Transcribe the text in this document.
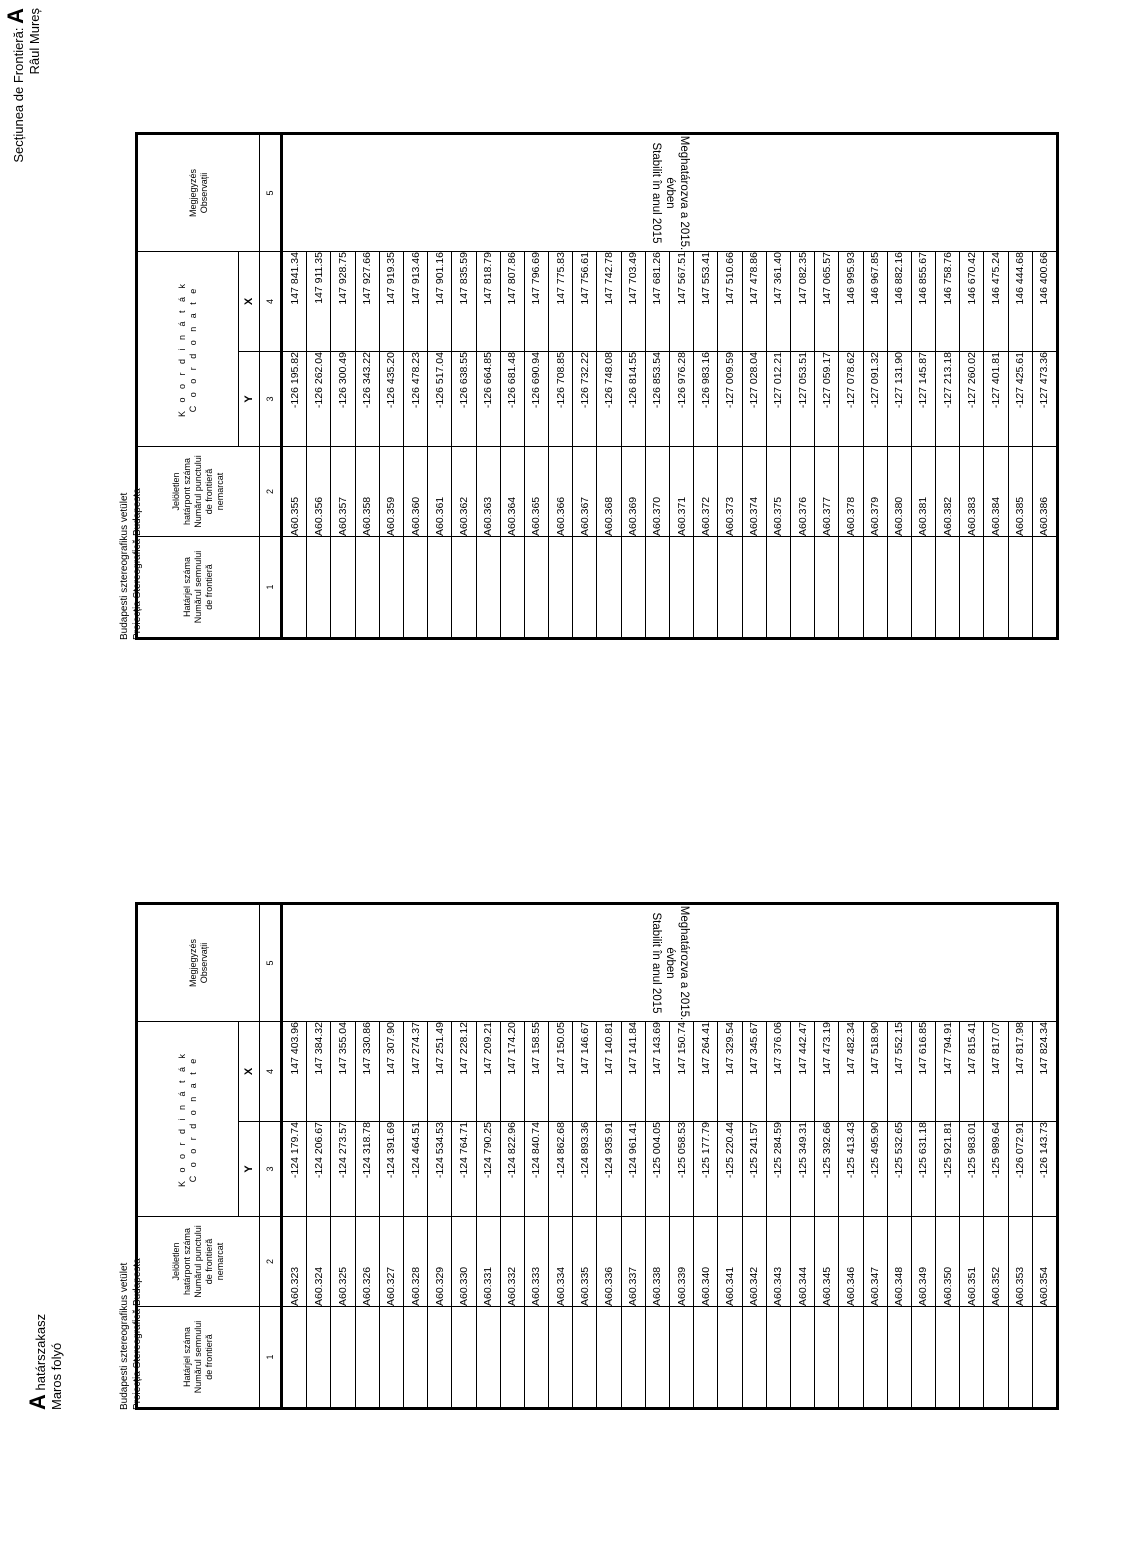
A határszakasz
Maros folyó
Secțiunea de Frontieră: A
Râul Mureș
Budapesti sztereografikus vetület Proiecția Stereografică Budapesta	Határjel száma
Numărul semnului
de frontieră	Jelöletlen
határpont száma
Numărul punctului
de frontieră
nemarcat	K o o r d i n á t á k
C o o r d o n a t e		Megjegyzés
Observații
		Y	X	
1	2	3	4	5
	A60.323	-124 179.74	147 403.96	Meghatározva a 2015. évben
Stabilit în anul 2015
	A60.324	-124 206.67	147 384.32	
	A60.325	-124 273.57	147 355.04	
	A60.326	-124 318.78	147 330.86	
	A60.327	-124 391.69	147 307.90	
	A60.328	-124 464.51	147 274.37	
	A60.329	-124 534.53	147 251.49	
	A60.330	-124 764.71	147 228.12	
	A60.331	-124 790.25	147 209.21	
	A60.332	-124 822.96	147 174.20	
	A60.333	-124 840.74	147 158.55	
	A60.334	-124 862.68	147 150.05	
	A60.335	-124 893.36	147 146.67	
	A60.336	-124 935.91	147 140.81	
	A60.337	-124 961.41	147 141.84	
	A60.338	-125 004.05	147 143.69	
	A60.339	-125 058.53	147 150.74	
	A60.340	-125 177.79	147 264.41	
	A60.341	-125 220.44	147 329.54	
	A60.342	-125 241.57	147 345.67	
	A60.343	-125 284.59	147 376.06	
	A60.344	-125 349.31	147 442.47	
	A60.345	-125 392.66	147 473.19	
	A60.346	-125 413.43	147 482.34	
	A60.347	-125 495.90	147 518.90	
	A60.348	-125 532.65	147 552.15	
	A60.349	-125 631.18	147 616.85	
	A60.350	-125 921.81	147 794.91	
	A60.351	-125 983.01	147 815.41	
	A60.352	-125 989.64	147 817.07	
	A60.353	-126 072.91	147 817.98	
	A60.354	-126 143.73	147 824.34	
Budapesti sztereografikus vetület Proiecția Stereografică Budapesta	Határjel száma
Numărul semnului
de frontieră	Jelöletlen
határpont száma
Numărul punctului
de frontieră
nemarcat	K o o r d i n á t á k
C o o r d o n a t e		Megjegyzés
Observații
		Y	X	
1	2	3	4	5
	A60.355	-126 195.82	147 841.34	Meghatározva a 2015. évben
Stabilit în anul 2015
	A60.356	-126 262.04	147 911.35	
	A60.357	-126 300.49	147 928.75	
	A60.358	-126 343.22	147 927.66	
	A60.359	-126 435.20	147 919.35	
	A60.360	-126 478.23	147 913.46	
	A60.361	-126 517.04	147 901.16	
	A60.362	-126 638.55	147 835.59	
	A60.363	-126 664.85	147 818.79	
	A60.364	-126 681.48	147 807.86	
	A60.365	-126 690.94	147 796.69	
	A60.366	-126 708.85	147 775.83	
	A60.367	-126 732.22	147 756.61	
	A60.368	-126 748.08	147 742.78	
	A60.369	-126 814.55	147 703.49	
	A60.370	-126 853.54	147 681.26	
	A60.371	-126 976.28	147 567.51	
	A60.372	-126 983.16	147 553.41	
	A60.373	-127 009.59	147 510.66	
	A60.374	-127 028.04	147 478.86	
	A60.375	-127 012.21	147 361.40	
	A60.376	-127 053.51	147 082.35	
	A60.377	-127 059.17	147 065.57	
	A60.378	-127 078.62	146 995.93	
	A60.379	-127 091.32	146 967.85	
	A60.380	-127 131.90	146 882.16	
	A60.381	-127 145.87	146 855.67	
	A60.382	-127 213.18	146 758.76	
	A60.383	-127 260.02	146 670.42	
	A60.384	-127 401.81	146 475.24	
	A60.385	-127 425.61	146 444.68	
	A60.386	-127 473.36	146 400.66	
